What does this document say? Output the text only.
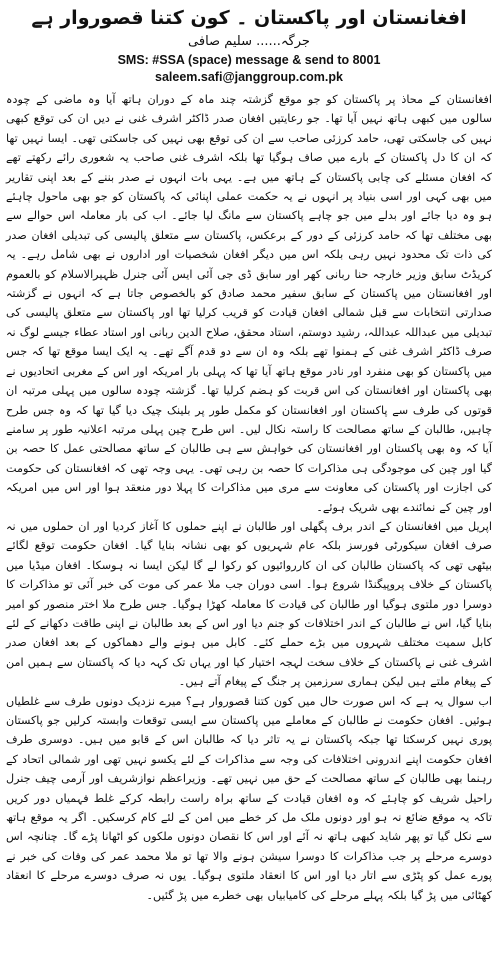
افغانستان اور پاکستان ۔ کون کتنا قصوروار ہے
جرگہ...... سلیم صافی
SMS: #SSA (space) message & send to 8001
saleem.safi@janggroup.com.pk

افغانستان کے محاذ پر پاکستان کو جو موقع گزشتہ چند ماہ کے دوران ہاتھ آیا وہ ماضی کے چودہ سالوں میں کبھی ہاتھ نہیں آیا تھا۔ جو رعایتیں افغان صدر ڈاکٹر اشرف غنی نے دیں ان کی توقع کبھی نہیں کی جاسکتی تھی، حامد کرزئی صاحب سے ان کی توقع بھی نہیں کی جاسکتی تھی۔ ایسا نہیں تھا کہ ان کا دل پاکستان کے بارے میں صاف ہوگیا تھا بلکہ اشرف غنی صاحب یہ شعوری رائے رکھتے تھے کہ افغان مسئلے کی چابی پاکستان کے ہاتھ میں ہے۔ یہی بات انہوں نے صدر بننے کے بعد اپنی تقاریر میں بھی کہی اور اسی بنیاد پر انہوں نے یہ حکمت عملی اپنائی کہ پاکستان کو جو بھی ماحول چاہئے ہو وہ دیا جائے اور بدلے میں جو چاہے پاکستان سے مانگ لیا جائے۔ اب کی بار معاملہ اس حوالے سے بھی مختلف تھا کہ حامد کرزئی کے دور کے برعکس، پاکستان سے متعلق پالیسی کی تبدیلی افغان صدر کی ذات تک محدود نہیں رہی بلکہ اس میں دیگر افغان شخصیات اور اداروں نے بھی شامل رہے۔ یہ کریڈٹ سابق وزیر خارجہ حنا ربانی کھر اور سابق ڈی جی آئی ایس آئی جنرل ظہیرالاسلام کو بالعموم اور افغانستان میں پاکستان کے سابق سفیر محمد صادق کو بالخصوص جاتا ہے کہ انہوں نے گزشتہ صدارتی انتخابات سے قبل شمالی افغان قیادت کو قریب کرلیا تھا اور پاکستان سے متعلق پالیسی کی تبدیلی میں عبداللہ عبداللہ، رشید دوستم، استاد محقق، صلاح الدین ربانی اور استاد عطاء جیسے لوگ نہ صرف ڈاکٹر اشرف غنی کے ہمنوا تھے بلکہ وہ ان سے دو قدم آگے تھے۔ یہ ایک ایسا موقع تھا کہ جس میں پاکستان کو بھی منفرد اور نادر موقع ہاتھ آیا تھا کہ پہلی بار امریکہ اور اس کے مغربی اتحادیوں نے بھی پاکستان اور افغانستان کی اس قربت کو ہضم کرلیا تھا۔ گزشتہ چودہ سالوں میں پہلی مرتبہ ان قوتوں کی طرف سے پاکستان اور افغانستان کو مکمل طور پر بلینک چیک دیا گیا تھا کہ وہ جس طرح چاہیں، طالبان کے ساتھ مصالحت کا راستہ نکال لیں۔ اس طرح چین پہلی مرتبہ اعلانیہ طور پر سامنے آیا کہ وہ بھی پاکستان اور افغانستان کی خواہش سے ہی طالبان کے ساتھ مصالحتی عمل کا حصہ بن گیا اور چین کی موجودگی ہی مذاکرات کا حصہ بن رہی تھی۔ یہی وجہ تھی کہ افغانستان کی حکومت کی اجازت اور پاکستان کی معاونت سے مری میں مذاکرات کا پہلا دور منعقد ہوا اور اس میں امریکہ اور چین کے نمائندے بھی شریک ہوئے۔

اپریل میں افغانستان کے اندر برف پگھلی اور طالبان نے اپنے حملوں کا آغاز کردیا اور ان حملوں میں نہ صرف افغان سیکورٹی فورسز بلکہ عام شہریوں کو بھی نشانہ بنایا گیا۔ افغان حکومت توقع لگائے بیٹھی تھی کہ پاکستان طالبان کی ان کارروائیوں کو رکوا لے گا لیکن ایسا نہ ہوسکا۔ افغان میڈیا میں پاکستان کے خلاف پروپیگنڈا شروع ہوا۔ اسی دوران جب ملا عمر کی موت کی خبر آئی تو مذاکرات کا دوسرا دور ملتوی ہوگیا اور طالبان کی قیادت کا معاملہ کھڑا ہوگیا۔ جس طرح ملا اختر منصور کو امیر بنایا گیا، اس نے طالبان کے اندر اختلافات کو جنم دیا اور اس کے بعد طالبان نے اپنی طاقت دکھانے کے لئے کابل سمیت مختلف شہروں میں بڑے حملے کئے۔ کابل میں ہونے والے دھماکوں کے بعد افغان صدر اشرف غنی نے پاکستان کے خلاف سخت لہجہ اختیار کیا اور یہاں تک کہہ دیا کہ پاکستان سے ہمیں امن کے پیغام ملتے ہیں لیکن ہماری سرزمین پر جنگ کے پیغام آتے ہیں۔

اب سوال یہ ہے کہ اس صورت حال میں کون کتنا قصوروار ہے؟ میرے نزدیک دونوں طرف سے غلطیاں ہوئیں۔ افغان حکومت نے طالبان کے معاملے میں پاکستان سے ایسی توقعات وابستہ کرلیں جو پاکستان پوری نہیں کرسکتا تھا جبکہ پاکستان نے یہ تاثر دیا کہ طالبان اس کے قابو میں ہیں۔ دوسری طرف افغان حکومت اپنے اندرونی اختلافات کی وجہ سے مذاکرات کے لئے یکسو نہیں تھی اور شمالی اتحاد کے رہنما بھی طالبان کے ساتھ مصالحت کے حق میں نہیں تھے۔ وزیراعظم نوازشریف اور آرمی چیف جنرل راحیل شریف کو چاہئے کہ وہ افغان قیادت کے ساتھ براہ راست رابطہ کرکے غلط فہمیاں دور کریں تاکہ یہ موقع ضائع نہ ہو اور دونوں ملک مل کر خطے میں امن کے لئے کام کرسکیں۔ اگر یہ موقع ہاتھ سے نکل گیا تو پھر شاید کبھی ہاتھ نہ آئے اور اس کا نقصان دونوں ملکوں کو اٹھانا پڑے گا۔ چنانچہ اس دوسرے مرحلے پر جب مذاکرات کا دوسرا سیشن ہونے والا تھا تو ملا محمد عمر کی وفات کی خبر نے پورے عمل کو پٹڑی سے اتار دیا اور اس کا انعقاد ملتوی ہوگیا۔ یوں نہ صرف دوسرے مرحلے کا انعقاد کھٹائی میں پڑ گیا بلکہ پہلے مرحلے کی کامیابیاں بھی خطرے میں پڑ گئیں۔
